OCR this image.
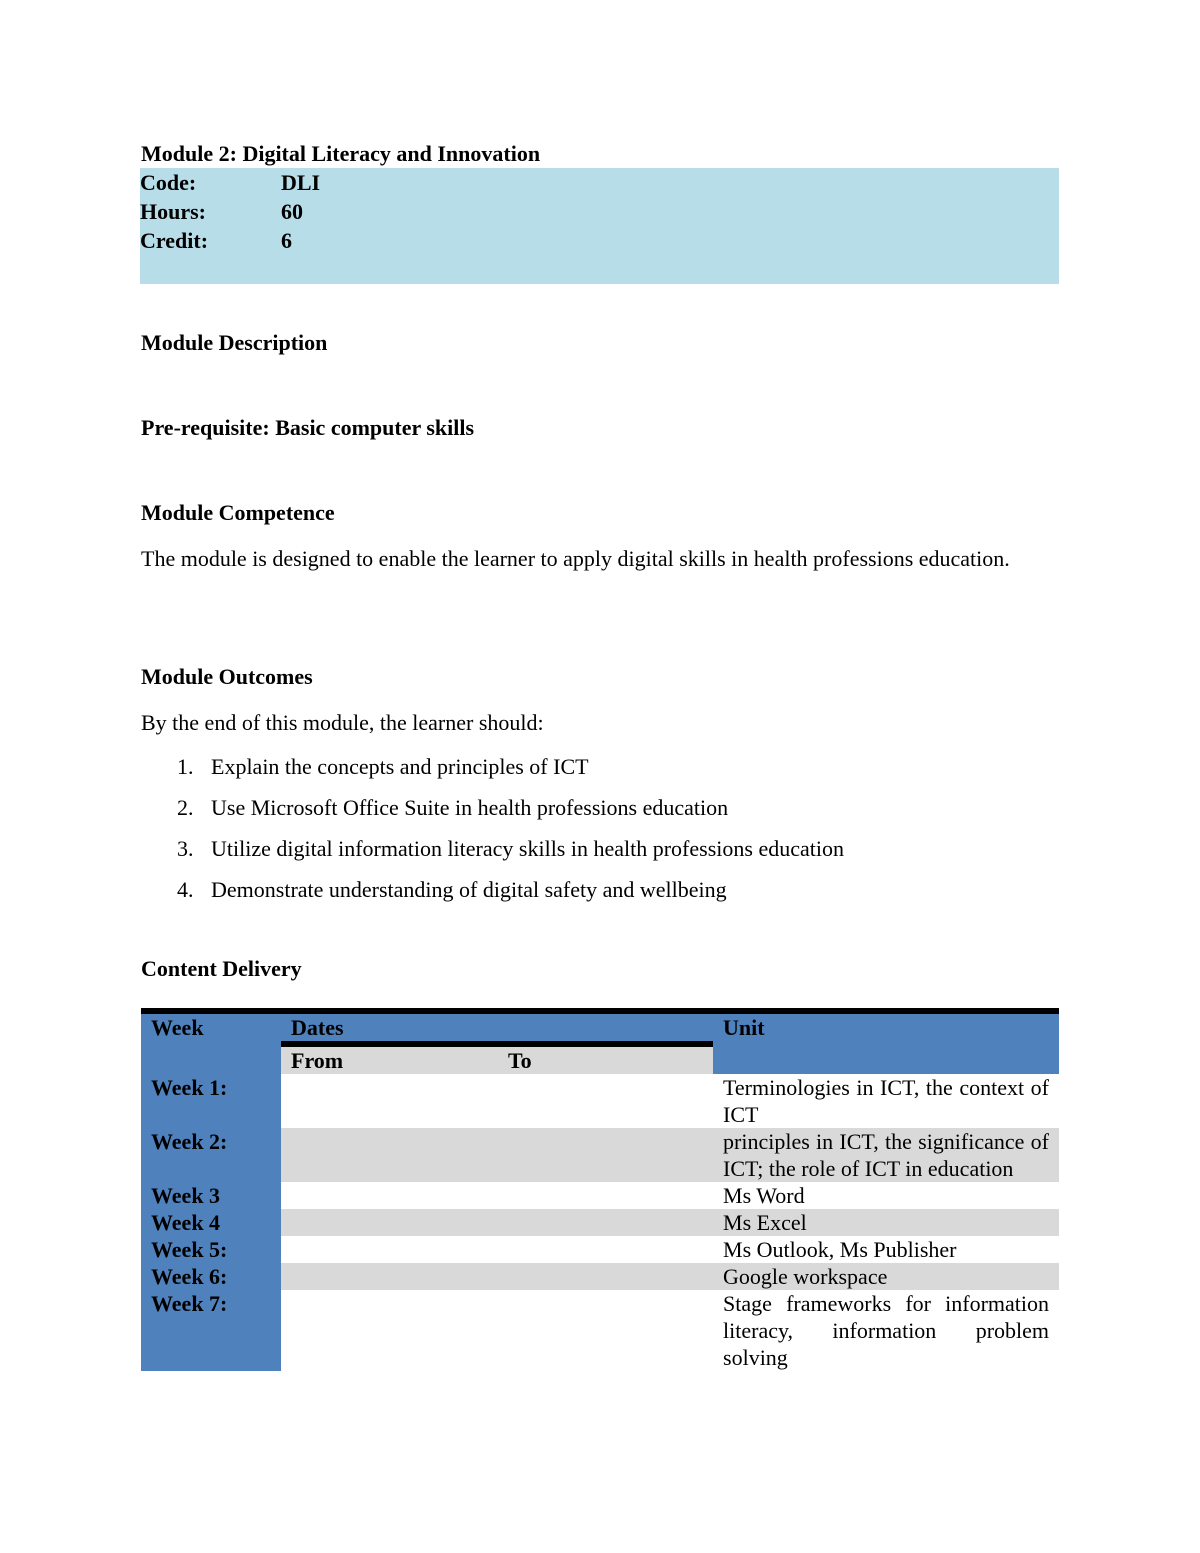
Module 2: Digital Literacy and Innovation
Code:	DLI
Hours:	60
Credit:	6
Module Description
Pre-requisite: Basic computer skills
Module Competence
The module is designed to enable the learner to apply digital skills in health professions education.
Module Outcomes
By the end of this module, the learner should:
1. Explain the concepts and principles of ICT
2. Use Microsoft Office Suite in health professions education
3. Utilize digital information literacy skills in health professions education
4. Demonstrate understanding of digital safety and wellbeing
Content Delivery
Week	Dates		Unit
	From	To	
Week 1:			Terminologies in ICT, the context of ICT
Week 2:			principles in ICT, the significance of ICT; the role of ICT in education
Week 3			Ms Word
Week 4			Ms Excel
Week 5:			Ms Outlook, Ms Publisher
Week 6:			Google workspace
Week 7:			Stage frameworks for information literacy, information problem solving
